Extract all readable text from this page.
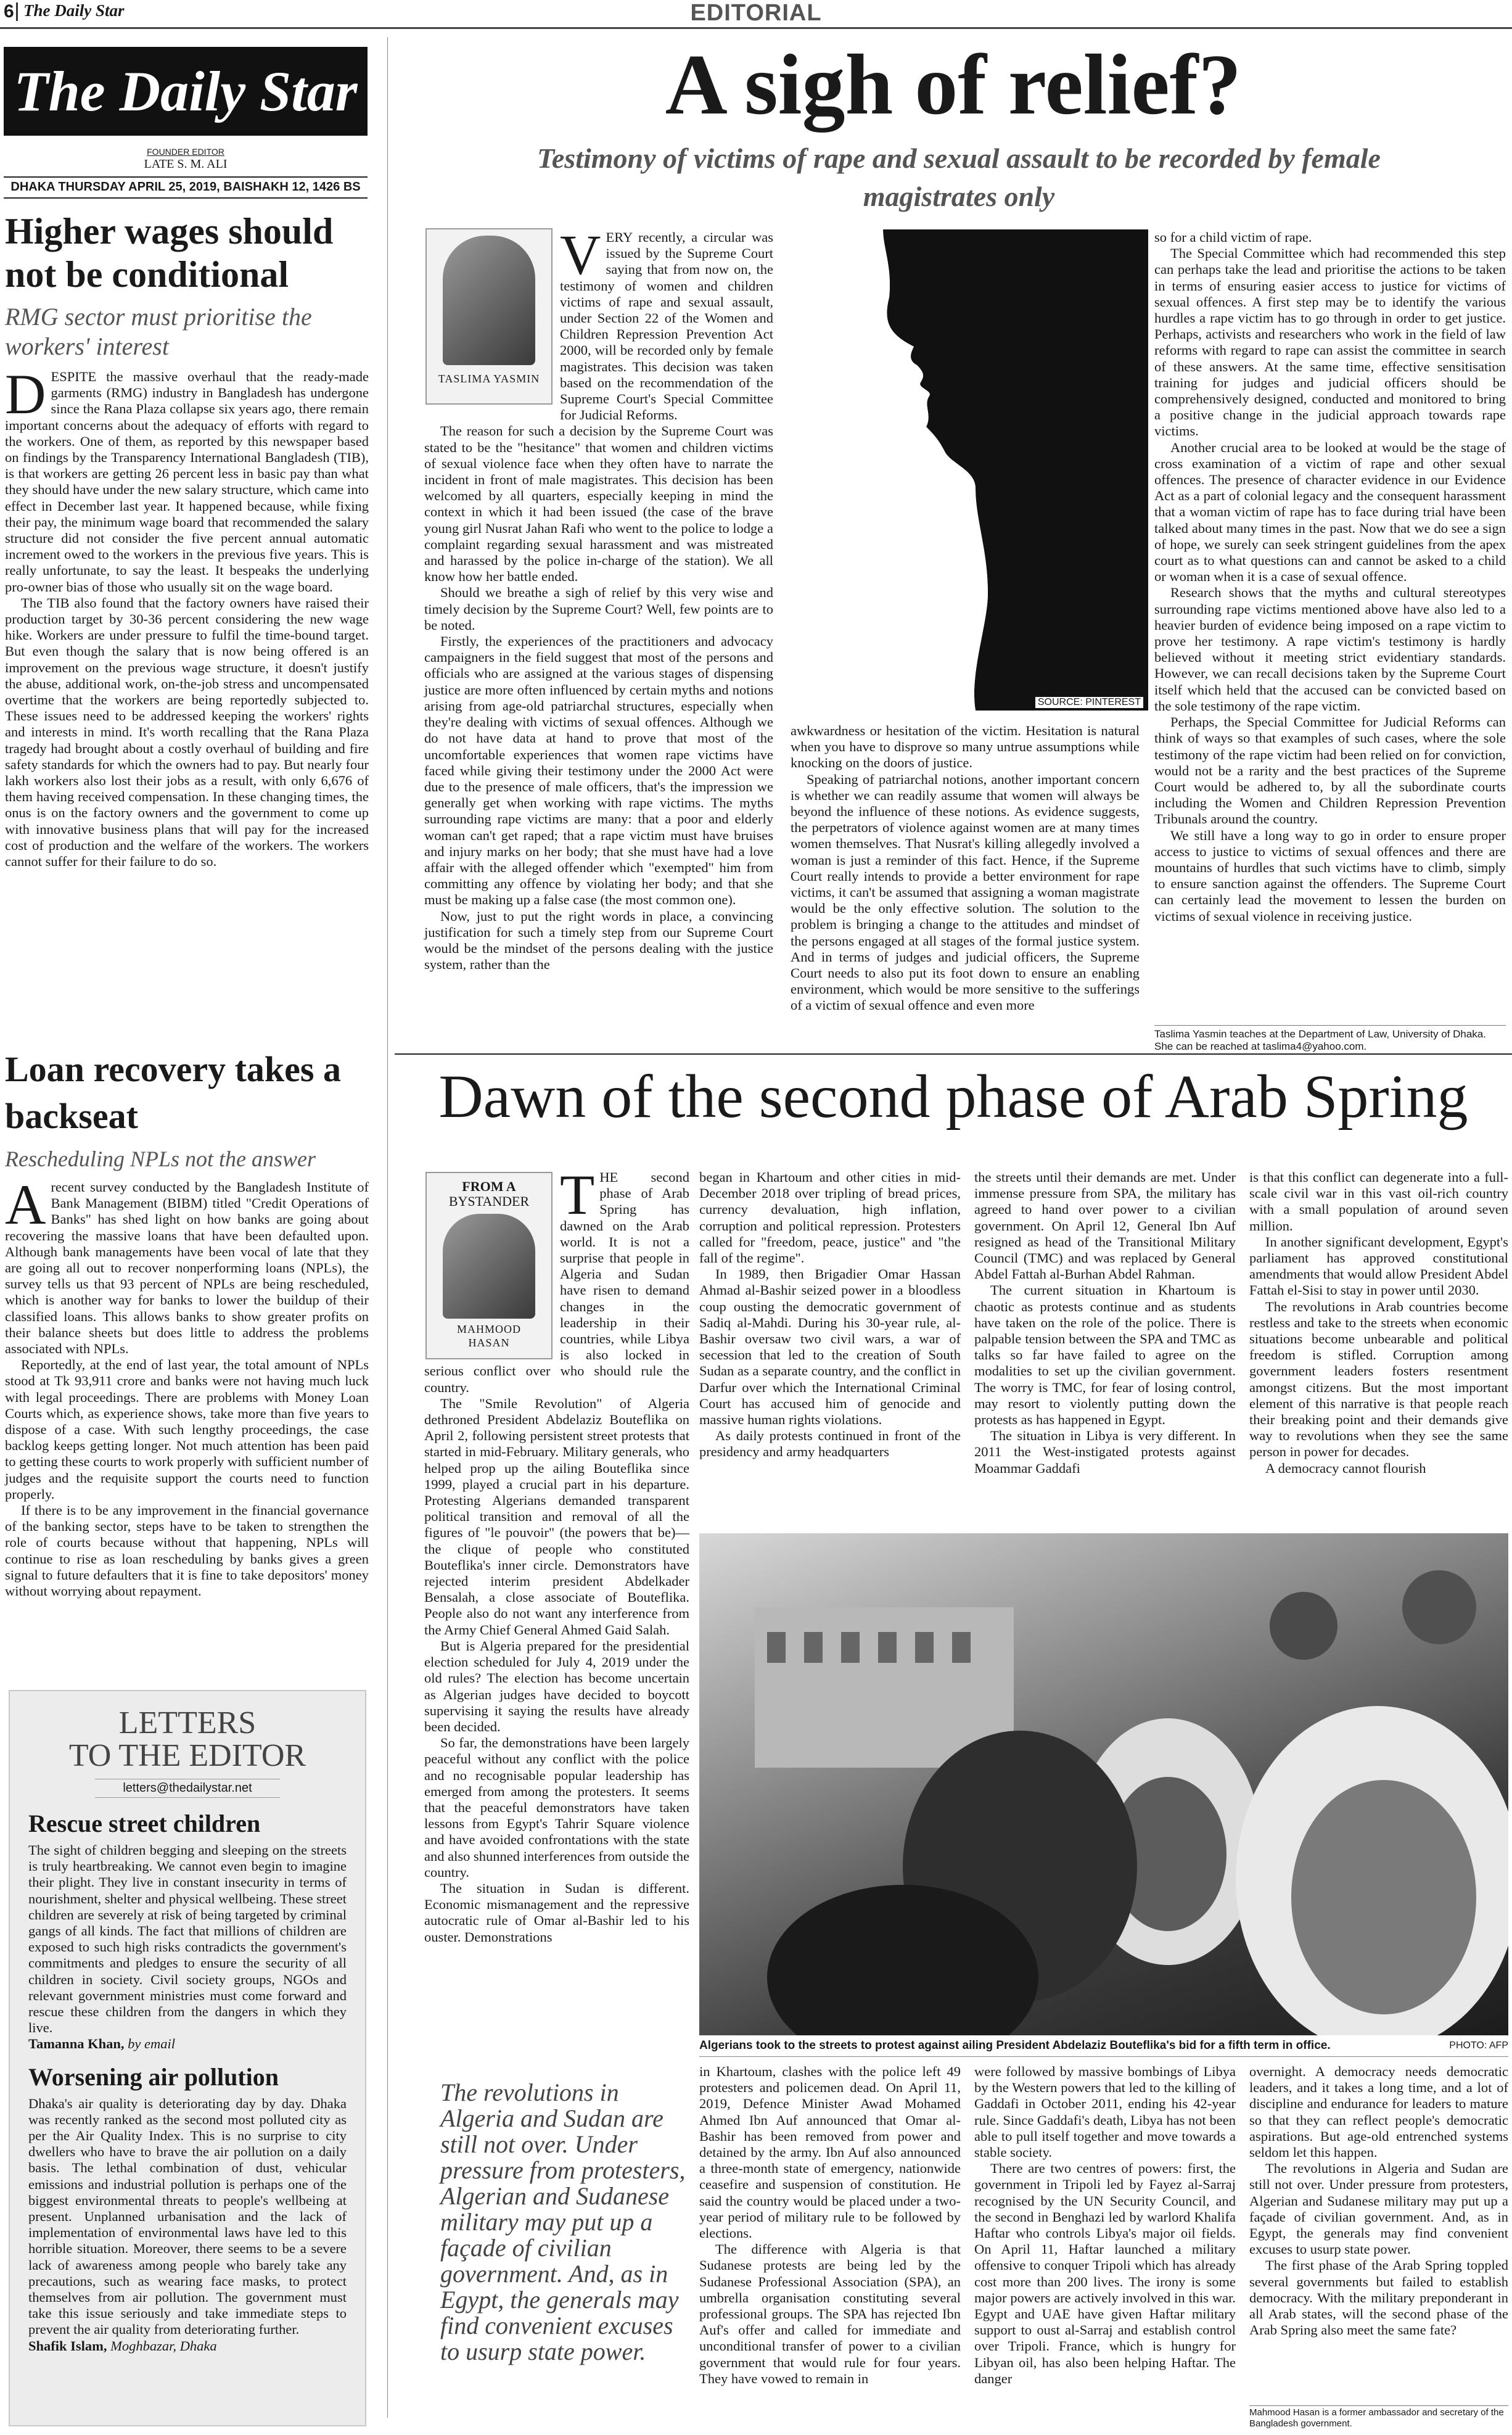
6 The Daily Star	EDITORIAL
The Daily Star
FOUNDER EDITOR
LATE S. M. ALI
DHAKA THURSDAY APRIL 25, 2019, BAISHAKH 12, 1426 BS
Higher wages should not be conditional

RMG sector must prioritise the workers' interest

D ESPITE the massive overhaul that the ready-made garments (RMG) industry in Bangladesh has undergone since the Rana Plaza collapse six years ago, there remain important concerns about the adequacy of efforts with regard to the workers. One of them, as reported by this newspaper based on findings by the Transparency International Bangladesh (TIB), is that workers are getting 26 percent less in basic pay than what they should have under the new salary structure, which came into effect in December last year. It happened because, while fixing their pay, the minimum wage board that recommended the salary structure did not consider the five percent annual automatic increment owed to the workers in the previous five years. This is really unfortunate, to say the least. It bespeaks the underlying pro-owner bias of those who usually sit on the wage board.

The TIB also found that the factory owners have raised their production target by 30-36 percent considering the new wage hike. Workers are under pressure to fulfil the time-bound target. But even though the salary that is now being offered is an improvement on the previous wage structure, it doesn't justify the abuse, additional work, on-the-job stress and uncompensated overtime that the workers are being reportedly subjected to. These issues need to be addressed keeping the workers' rights and interests in mind. It's worth recalling that the Rana Plaza tragedy had brought about a costly overhaul of building and fire safety standards for which the owners had to pay. But nearly four lakh workers also lost their jobs as a result, with only 6,676 of them having received compensation. In these changing times, the onus is on the factory owners and the government to come up with innovative business plans that will pay for the increased cost of production and the welfare of the workers. The workers cannot suffer for their failure to do so.

Loan recovery takes a backseat

Rescheduling NPLs not the answer

A recent survey conducted by the Bangladesh Institute of Bank Management (BIBM) titled "Credit Operations of Banks" has shed light on how banks are going about recovering the massive loans that have been defaulted upon. Although bank managements have been vocal of late that they are going all out to recover nonperforming loans (NPLs), the survey tells us that 93 percent of NPLs are being rescheduled, which is another way for banks to lower the buildup of their classified loans. This allows banks to show greater profits on their balance sheets but does little to address the problems associated with NPLs.

Reportedly, at the end of last year, the total amount of NPLs stood at Tk 93,911 crore and banks were not having much luck with legal proceedings. There are problems with Money Loan Courts which, as experience shows, take more than five years to dispose of a case. With such lengthy proceedings, the case backlog keeps getting longer. Not much attention has been paid to getting these courts to work properly with sufficient number of judges and the requisite support the courts need to function properly.

If there is to be any improvement in the financial governance of the banking sector, steps have to be taken to strengthen the role of courts because without that happening, NPLs will continue to rise as loan rescheduling by banks gives a green signal to future defaulters that it is fine to take depositors' money without worrying about repayment.

LETTERS
TO THE EDITOR
letters@thedailystar.net
Rescue street children

The sight of children begging and sleeping on the streets is truly heartbreaking. We cannot even begin to imagine their plight. They live in constant insecurity in terms of nourishment, shelter and physical wellbeing. These street children are severely at risk of being targeted by criminal gangs of all kinds. The fact that millions of children are exposed to such high risks contradicts the government's commitments and pledges to ensure the security of all children in society. Civil society groups, NGOs and relevant government ministries must come forward and rescue these children from the dangers in which they live.

Tamanna Khan, by email
Worsening air pollution

Dhaka's air quality is deteriorating day by day. Dhaka was recently ranked as the second most polluted city as per the Air Quality Index. This is no surprise to city dwellers who have to brave the air pollution on a daily basis. The lethal combination of dust, vehicular emissions and industrial pollution is perhaps one of the biggest environmental threats to people's wellbeing at present. Unplanned urbanisation and the lack of implementation of environmental laws have led to this horrible situation. Moreover, there seems to be a severe lack of awareness among people who barely take any precautions, such as wearing face masks, to protect themselves from air pollution. The government must take this issue seriously and take immediate steps to prevent the air quality from deteriorating further.

Shafik Islam, Moghbazar, Dhaka
A sigh of relief?
Testimony of victims of rape and sexual assault to be recorded by female magistrates only
TASLIMA YASMIN
V ERY recently, a circular was issued by the Supreme Court saying that from now on, the testimony of women and children victims of rape and sexual assault, under Section 22 of the Women and Children Repression Prevention Act 2000, will be recorded only by female magistrates. This decision was taken based on the recommendation of the Supreme Court's Special Committee for Judicial Reforms.

The reason for such a decision by the Supreme Court was stated to be the "hesitance" that women and children victims of sexual violence face when they often have to narrate the incident in front of male magistrates. This decision has been welcomed by all quarters, especially keeping in mind the context in which it had been issued (the case of the brave young girl Nusrat Jahan Rafi who went to the police to lodge a complaint regarding sexual harassment and was mistreated and harassed by the police in-charge of the station). We all know how her battle ended.

Should we breathe a sigh of relief by this very wise and timely decision by the Supreme Court? Well, few points are to be noted.

Firstly, the experiences of the practitioners and advocacy campaigners in the field suggest that most of the persons and officials who are assigned at the various stages of dispensing justice are more often influenced by certain myths and notions arising from age-old patriarchal structures, especially when they're dealing with victims of sexual offences. Although we do not have data at hand to prove that most of the uncomfortable experiences that women rape victims have faced while giving their testimony under the 2000 Act were due to the presence of male officers, that's the impression we generally get when working with rape victims. The myths surrounding rape victims are many: that a poor and elderly woman can't get raped; that a rape victim must have bruises and injury marks on her body; that she must have had a love affair with the alleged offender which "exempted" him from committing any offence by violating her body; and that she must be making up a false case (the most common one).

Now, just to put the right words in place, a convincing justification for such a timely step from our Supreme Court would be the mindset of the persons dealing with the justice system, rather than the

SOURCE: PINTEREST

awkwardness or hesitation of the victim. Hesitation is natural when you have to disprove so many untrue assumptions while knocking on the doors of justice.

Speaking of patriarchal notions, another important concern is whether we can readily assume that women will always be beyond the influence of these notions. As evidence suggests, the perpetrators of violence against women are at many times women themselves. That Nusrat's killing allegedly involved a woman is just a reminder of this fact. Hence, if the Supreme Court really intends to provide a better environment for rape victims, it can't be assumed that assigning a woman magistrate would be the only effective solution. The solution to the problem is bringing a change to the attitudes and mindset of the persons engaged at all stages of the formal justice system. And in terms of judges and judicial officers, the Supreme Court needs to also put its foot down to ensure an enabling environment, which would be more sensitive to the sufferings of a victim of sexual offence and even more

so for a child victim of rape.

The Special Committee which had recommended this step can perhaps take the lead and prioritise the actions to be taken in terms of ensuring easier access to justice for victims of sexual offences. A first step may be to identify the various hurdles a rape victim has to go through in order to get justice. Perhaps, activists and researchers who work in the field of law reforms with regard to rape can assist the committee in search of these answers. At the same time, effective sensitisation training for judges and judicial officers should be comprehensively designed, conducted and monitored to bring a positive change in the judicial approach towards rape victims.

Another crucial area to be looked at would be the stage of cross examination of a victim of rape and other sexual offences. The presence of character evidence in our Evidence Act as a part of colonial legacy and the consequent harassment that a woman victim of rape has to face during trial have been talked about many times in the past. Now that we do see a sign of hope, we surely can seek stringent guidelines from the apex court as to what questions can and cannot be asked to a child or woman when it is a case of sexual offence.

Research shows that the myths and cultural stereotypes surrounding rape victims mentioned above have also led to a heavier burden of evidence being imposed on a rape victim to prove her testimony. A rape victim's testimony is hardly believed without it meeting strict evidentiary standards. However, we can recall decisions taken by the Supreme Court itself which held that the accused can be convicted based on the sole testimony of the rape victim.

Perhaps, the Special Committee for Judicial Reforms can think of ways so that examples of such cases, where the sole testimony of the rape victim had been relied on for conviction, would not be a rarity and the best practices of the Supreme Court would be adhered to, by all the subordinate courts including the Women and Children Repression Prevention Tribunals around the country.

We still have a long way to go in order to ensure proper access to justice to victims of sexual offences and there are mountains of hurdles that such victims have to climb, simply to ensure sanction against the offenders. The Supreme Court can certainly lead the movement to lessen the burden on victims of sexual violence in receiving justice.

Taslima Yasmin teaches at the Department of Law, University of Dhaka. She can be reached at taslima4@yahoo.com.
Dawn of the second phase of Arab Spring
FROM A
BYSTANDER
MAHMOOD
HASAN
T HE second phase of Arab Spring has dawned on the Arab world. It is not a surprise that people in Algeria and Sudan have risen to demand changes in the leadership in their countries, while Libya is also locked in serious conflict over who should rule the country.

The "Smile Revolution" of Algeria dethroned President Abdelaziz Bouteflika on April 2, following persistent street protests that started in mid-February. Military generals, who helped prop up the ailing Bouteflika since 1999, played a crucial part in his departure. Protesting Algerians demanded transparent political transition and removal of all the figures of "le pouvoir" (the powers that be)—the clique of people who constituted Bouteflika's inner circle. Demonstrators have rejected interim president Abdelkader Bensalah, a close associate of Bouteflika. People also do not want any interference from the Army Chief General Ahmed Gaid Salah.

But is Algeria prepared for the presidential election scheduled for July 4, 2019 under the old rules? The election has become uncertain as Algerian judges have decided to boycott supervising it saying the results have already been decided.

So far, the demonstrations have been largely peaceful without any conflict with the police and no recognisable popular leadership has emerged from among the protesters. It seems that the peaceful demonstrators have taken lessons from Egypt's Tahrir Square violence and have avoided confrontations with the state and also shunned interferences from outside the country.

The situation in Sudan is different. Economic mismanagement and the repressive autocratic rule of Omar al-Bashir led to his ouster. Demonstrations

began in Khartoum and other cities in mid-December 2018 over tripling of bread prices, currency devaluation, high inflation, corruption and political repression. Protesters called for "freedom, peace, justice" and "the fall of the regime".

In 1989, then Brigadier Omar Hassan Ahmad al-Bashir seized power in a bloodless coup ousting the democratic government of Sadiq al-Mahdi. During his 30-year rule, al-Bashir oversaw two civil wars, a war of secession that led to the creation of South Sudan as a separate country, and the conflict in Darfur over which the International Criminal Court has accused him of genocide and massive human rights violations.

As daily protests continued in front of the presidency and army headquarters

the streets until their demands are met. Under immense pressure from SPA, the military has agreed to hand over power to a civilian government. On April 12, General Ibn Auf resigned as head of the Transitional Military Council (TMC) and was replaced by General Abdel Fattah al-Burhan Abdel Rahman.

The current situation in Khartoum is chaotic as protests continue and as students have taken on the role of the police. There is palpable tension between the SPA and TMC as talks so far have failed to agree on the modalities to set up the civilian government. The worry is TMC, for fear of losing control, may resort to violently putting down the protests as has happened in Egypt.

The situation in Libya is very different. In 2011 the West-instigated protests against Moammar Gaddafi

is that this conflict can degenerate into a full-scale civil war in this vast oil-rich country with a small population of around seven million.

In another significant development, Egypt's parliament has approved constitutional amendments that would allow President Abdel Fattah el-Sisi to stay in power until 2030.

The revolutions in Arab countries become restless and take to the streets when economic situations become unbearable and political freedom is stifled. Corruption among government leaders fosters resentment amongst citizens. But the most important element of this narrative is that people reach their breaking point and their demands give way to revolutions when they see the same person in power for decades.

A democracy cannot flourish

Algerians took to the streets to protest against ailing President Abdelaziz Bouteflika's bid for a fifth term in office.	PHOTO: AFP
The revolutions in Algeria and Sudan are still not over. Under pressure from protesters, Algerian and Sudanese military may put up a façade of civilian government. And, as in Egypt, the generals may find convenient excuses to usurp state power.

in Khartoum, clashes with the police left 49 protesters and policemen dead. On April 11, 2019, Defence Minister Awad Mohamed Ahmed Ibn Auf announced that Omar al-Bashir has been removed from power and detained by the army. Ibn Auf also announced a three-month state of emergency, nationwide ceasefire and suspension of constitution. He said the country would be placed under a two-year period of military rule to be followed by elections.

The difference with Algeria is that Sudanese protests are being led by the Sudanese Professional Association (SPA), an umbrella organisation constituting several professional groups. The SPA has rejected Ibn Auf's offer and called for immediate and unconditional transfer of power to a civilian government that would rule for four years. They have vowed to remain in

were followed by massive bombings of Libya by the Western powers that led to the killing of Gaddafi in October 2011, ending his 42-year rule. Since Gaddafi's death, Libya has not been able to pull itself together and move towards a stable society.

There are two centres of powers: first, the government in Tripoli led by Fayez al-Sarraj recognised by the UN Security Council, and the second in Benghazi led by warlord Khalifa Haftar who controls Libya's major oil fields. On April 11, Haftar launched a military offensive to conquer Tripoli which has already cost more than 200 lives. The irony is some major powers are actively involved in this war. Egypt and UAE have given Haftar military support to oust al-Sarraj and establish control over Tripoli. France, which is hungry for Libyan oil, has also been helping Haftar. The danger

overnight. A democracy needs democratic leaders, and it takes a long time, and a lot of discipline and endurance for leaders to mature so that they can reflect people's democratic aspirations. But age-old entrenched systems seldom let this happen.

The revolutions in Algeria and Sudan are still not over. Under pressure from protesters, Algerian and Sudanese military may put up a façade of civilian government. And, as in Egypt, the generals may find convenient excuses to usurp state power.

The first phase of the Arab Spring toppled several governments but failed to establish democracy. With the military preponderant in all Arab states, will the second phase of the Arab Spring also meet the same fate?

Mahmood Hasan is a former ambassador and secretary of the Bangladesh government.
